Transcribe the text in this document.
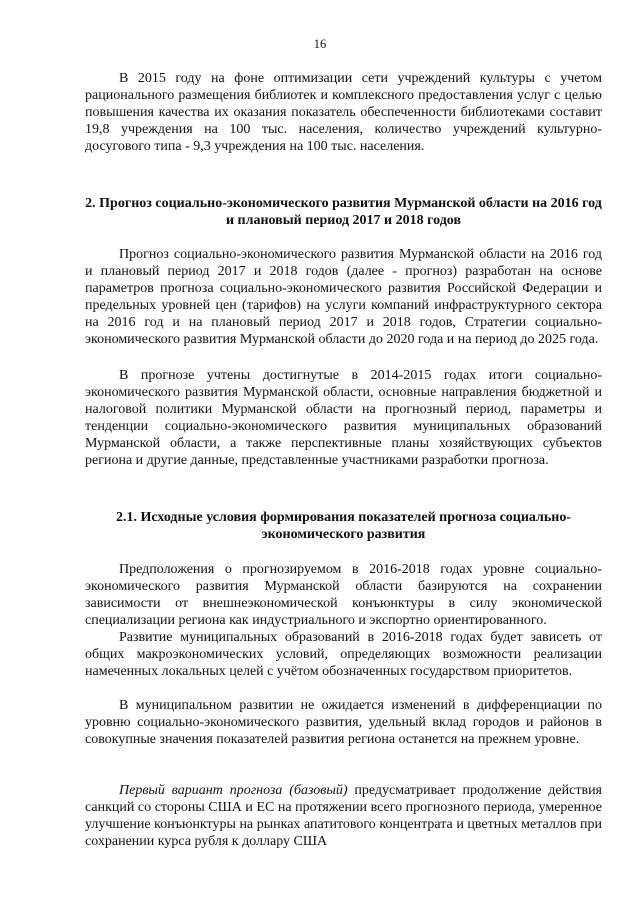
16

В 2015 году на фоне оптимизации сети учреждений культуры с учетом рационального размещения библиотек и комплексного предоставления услуг с целью повышения качества их оказания показатель обеспеченности библиотеками составит 19,8 учреждения на 100 тыс. населения, количество учреждений культурно-досугового типа - 9,3 учреждения на 100 тыс. населения.

2. Прогноз социально-экономического развития Мурманской области на 2016 год и плановый период 2017 и 2018 годов

Прогноз социально-экономического развития Мурманской области на 2016 год и плановый период 2017 и 2018 годов (далее - прогноз) разработан на основе параметров прогноза социально-экономического развития Российской Федерации и предельных уровней цен (тарифов) на услуги компаний инфраструктурного сектора на 2016 год и на плановый период 2017 и 2018 годов, Стратегии социально-экономического развития Мурманской области до 2020 года и на период до 2025 года.

В прогнозе учтены достигнутые в 2014-2015 годах итоги социально-экономического развития Мурманской области, основные направления бюджетной и налоговой политики Мурманской области на прогнозный период, параметры и тенденции социально-экономического развития муниципальных образований Мурманской области, а также перспективные планы хозяйствующих субъектов региона и другие данные, представленные участниками разработки прогноза.

2.1. Исходные условия формирования показателей прогноза социально-экономического развития

Предположения о прогнозируемом в 2016-2018 годах уровне социально-экономического развития Мурманской области базируются на сохранении зависимости от внешнеэкономической конъюнктуры в силу экономической специализации региона как индустриального и экспортно ориентированного.

Развитие муниципальных образований в 2016-2018 годах будет зависеть от общих макроэкономических условий, определяющих возможности реализации намеченных локальных целей с учётом обозначенных государством приоритетов.

В муниципальном развитии не ожидается изменений в дифференциации по уровню социально-экономического развития, удельный вклад городов и районов в совокупные значения показателей развития региона останется на прежнем уровне.

Первый вариант прогноза (базовый) предусматривает продолжение действия санкций со стороны США и ЕС на протяжении всего прогнозного периода, умеренное улучшение конъюнктуры на рынках апатитового концентрата и цветных металлов при сохранении курса рубля к доллару США
